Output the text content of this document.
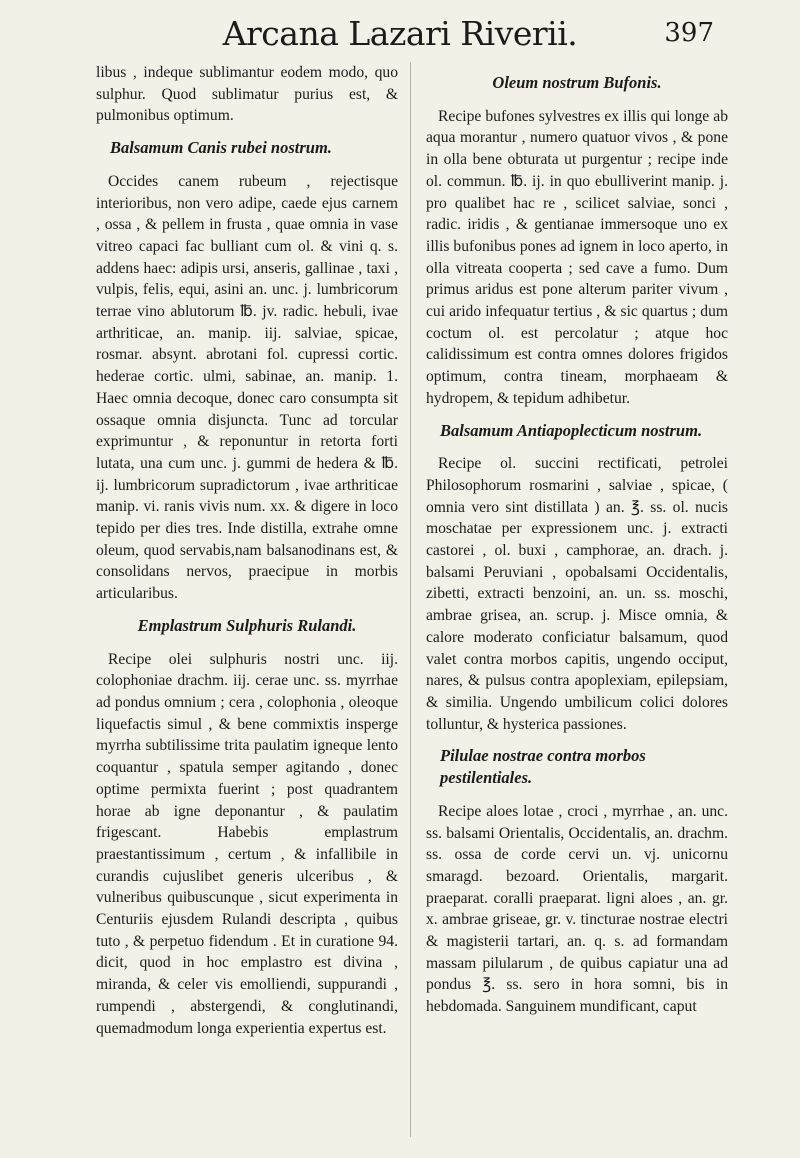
Arcana Lazari Riverii.	397

libus , indeque sublimantur eodem modo, quo sulphur. Quod sublimatur purius est, & pulmonibus optimum.

Balsamum Canis rubei nostrum.

Occides canem rubeum , rejectisque interioribus, non vero adipe, caede ejus carnem , ossa , & pellem in frusta , quae omnia in vase vitreo capaci fac bulliant cum ol. & vini q. s. addens haec: adipis ursi, anseris, gallinae , taxi , vulpis, felis, equi, asini an. unc. j. lumbricorum terrae vino ablutorum ℔. jv. radic. hebuli, ivae arthriticae, an. manip. iij. salviae, spicae, rosmar. absynt. abrotani fol. cupressi cortic. hederae cortic. ulmi, sabinae, an. manip. 1. Haec omnia decoque, donec caro consumpta sit ossaque omnia disjuncta. Tunc ad torcular exprimuntur , & reponuntur in retorta forti lutata, una cum unc. j. gummi de hedera & ℔. ij. lumbricorum supradictorum , ivae arthriticae manip. vi. ranis vivis num. xx. & digere in loco tepido per dies tres. Inde distilla, extrahe omne oleum, quod servabis,nam balsanodinans est, & consolidans nervos, praecipue in morbis articularibus.

Emplastrum Sulphuris Rulandi.

Recipe olei sulphuris nostri unc. iij. colophoniae drachm. iij. cerae unc. ss. myrrhae ad pondus omnium ; cera , colophonia , oleoque liquefactis simul , & bene commixtis insperge myrrha subtilissime trita paulatim igneque lento coquantur , spatula semper agitando , donec optime permixta fuerint ; post quadrantem horae ab igne deponantur , & paulatim frigescant. Habebis emplastrum praestantissimum , certum , & infallibile in curandis cujuslibet generis ulceribus , & vulneribus quibuscunque , sicut experimenta in Centuriis ejusdem Rulandi descripta , quibus tuto , & perpetuo fidendum . Et in curatione 94. dicit, quod in hoc emplastro est divina , miranda, & celer vis emolliendi, suppurandi , rumpendi , abstergendi, & conglutinandi, quemadmodum longa experientia expertus est.

Oleum nostrum Bufonis.

Recipe bufones sylvestres ex illis qui longe ab aqua morantur , numero quatuor vivos , & pone in olla bene obturata ut purgentur ; recipe inde ol. commun. ℔. ij. in quo ebulliverint manip. j. pro qualibet hac re , scilicet salviae, sonci , radic. iridis , & gentianae immersoque uno ex illis bufonibus pones ad ignem in loco aperto, in olla vitreata cooperta ; sed cave a fumo. Dum primus aridus est pone alterum pariter vivum , cui arido infequatur tertius , & sic quartus ; dum coctum ol. est percolatur ; atque hoc calidissimum est contra omnes dolores frigidos optimum, contra tineam, morphaeam & hydropem, & tepidum adhibetur.

Balsamum Antiapoplecticum nostrum.

Recipe ol. succini rectificati, petrolei Philosophorum rosmarini , salviae , spicae, ( omnia vero sint distillata ) an. ℥. ss. ol. nucis moschatae per expressionem unc. j. extracti castorei , ol. buxi , camphorae, an. drach. j. balsami Peruviani , opobalsami Occidentalis, zibetti, extracti benzoini, an. un. ss. moschi, ambrae grisea, an. scrup. j. Misce omnia, & calore moderato conficiatur balsamum, quod valet contra morbos capitis, ungendo occiput, nares, & pulsus contra apoplexiam, epilepsiam, & similia. Ungendo umbilicum colici dolores tolluntur, & hysterica passiones.

Pilulae nostrae contra morbos pestilentiales.

Recipe aloes lotae , croci , myrrhae , an. unc. ss. balsami Orientalis, Occidentalis, an. drachm. ss. ossa de corde cervi un. vj. unicornu smaragd. bezoard. Orientalis, margarit. praeparat. coralli praeparat. ligni aloes , an. gr. x. ambrae griseae, gr. v. tincturae nostrae electri & magisterii tartari, an. q. s. ad formandam massam pilularum , de quibus capiatur una ad pondus ℥. ss. sero in hora somni, bis in hebdomada. Sanguinem mundificant, caput
